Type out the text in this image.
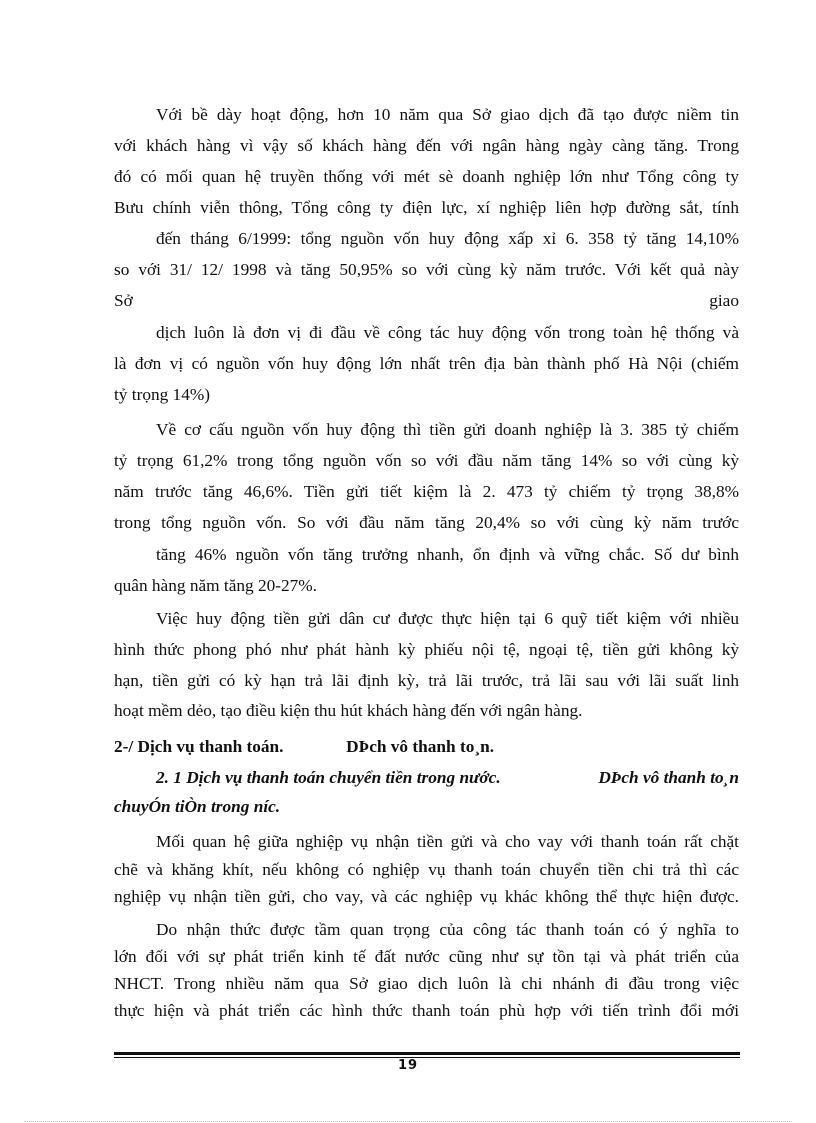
Với bề dày hoạt động, hơn 10 năm qua Sở giao dịch đã tạo được niềm tin
với khách hàng vì vậy số khách hàng đến với ngân hàng ngày càng tăng. Trong
đó có mối quan hệ truyền thống với mét sè doanh nghiệp lớn như Tổng công ty
Bưu chính viễn thông, Tổng công ty điện lực, xí nghiệp liên hợp đường sắt, tính
đến tháng 6/1999: tổng nguồn vốn huy động xấp xỉ 6. 358 tỷ tăng 14,10%
so với 31/ 12/ 1998 và tăng 50,95% so với cùng kỳ năm trước. Với kết quả này
Sở	giao
dịch luôn là đơn vị đi đầu về công tác huy động vốn trong toàn hệ thống và
là đơn vị có nguồn vốn huy động lớn nhất trên địa bàn thành phố Hà Nội (chiếm
tỷ trọng 14%)
Về cơ cấu nguồn vốn huy động thì tiền gửi doanh nghiệp là 3. 385 tỷ chiếm
tỷ trọng 61,2% trong tổng nguồn vốn so với đầu năm tăng 14% so với cùng kỳ
năm trước tăng 46,6%. Tiền gửi tiết kiệm là 2. 473 tỷ chiếm tỷ trọng 38,8%
trong tổng nguồn vốn. So với đầu năm tăng 20,4% so với cùng kỳ năm trước
tăng 46% nguồn vốn tăng trưởng nhanh, ổn định và vững chắc. Số dư bình
quân hàng năm tăng 20-27%.
Việc huy động tiền gửi dân cư được thực hiện tại 6 quỹ tiết kiệm với nhiều
hình thức phong phó như phát hành kỳ phiếu nội tệ, ngoại tệ, tiền gửi không kỳ
hạn, tiền gửi có kỳ hạn trả lãi định kỳ, trả lãi trước, trả lãi sau với lãi suất linh
hoạt mềm dẻo, tạo điều kiện thu hút khách hàng đến với ngân hàng.
2-/ Dịch vụ thanh toán.	DÞch vô thanh to¸n.
2. 1 Dịch vụ thanh toán chuyển tiền trong nước.	DÞch vô thanh to¸n
chuyÓn tiÒn trong níc.
Mối quan hệ giữa nghiệp vụ nhận tiền gửi và cho vay với thanh toán rất chặt
chẽ và khăng khít, nếu không có nghiệp vụ thanh toán chuyển tiền chi trả thì các
nghiệp vụ nhận tiền gửi, cho vay, và các nghiệp vụ khác không thể thực hiện được.
Do nhận thức được tầm quan trọng của công tác thanh toán có ý nghĩa to
lớn đối với sự phát triển kinh tế đất nước cũng như sự tồn tại và phát triển của
NHCT. Trong nhiều năm qua Sở giao dịch luôn là chi nhánh đi đầu trong việc
thực hiện và phát triển các hình thức thanh toán phù hợp với tiến trình đổi mới
19
